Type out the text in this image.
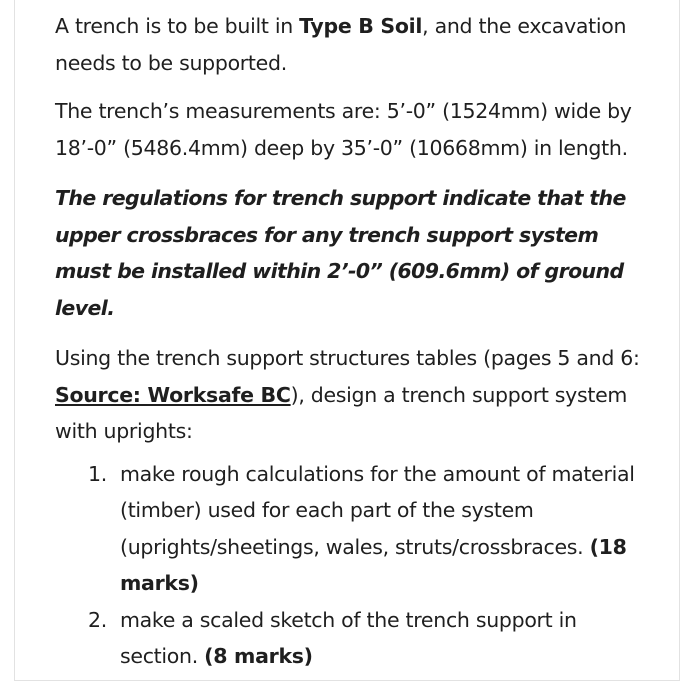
A trench is to be built in Type B Soil, and the excavation needs to be supported.

The trench’s measurements are: 5’-0” (1524mm) wide by 18’-0” (5486.4mm) deep by 35’-0” (10668mm) in length.

The regulations for trench support indicate that the upper crossbraces for any trench support system must be installed within 2’-0” (609.6mm) of ground level.

Using the trench support structures tables (pages 5 and 6: Source: Worksafe BC), design a trench support system with uprights:

1. make rough calculations for the amount of material (timber) used for each part of the system (uprights/sheetings, wales, struts/crossbraces. (18 marks)
2. make a scaled sketch of the trench support in section. (8 marks)
